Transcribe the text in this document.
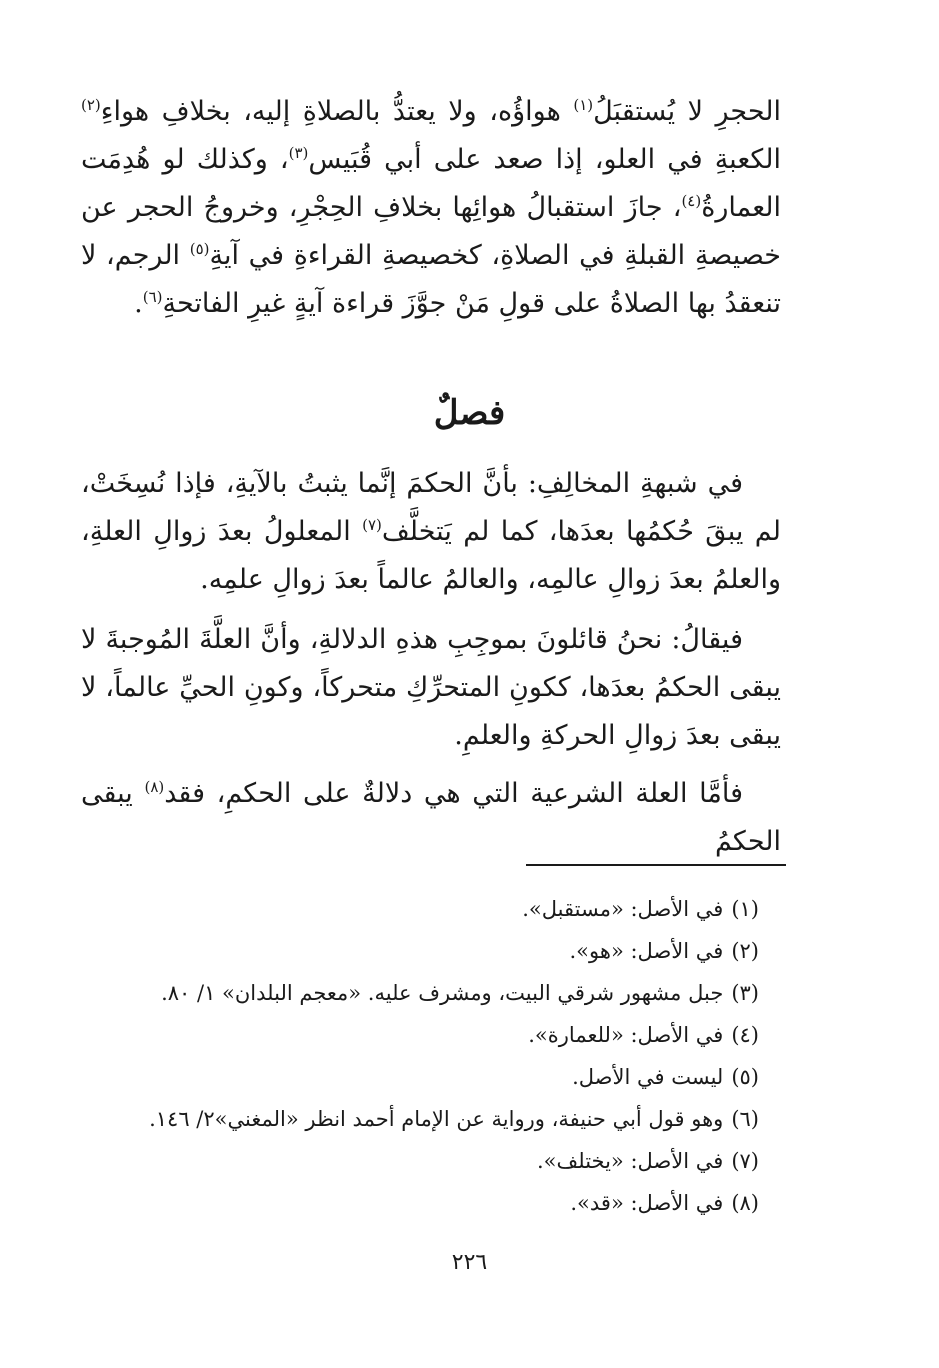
الحجرِ لا يُستقبَلُ$^{(١)}$ هواؤُه، ولا يعتدُّ بالصلاةِ إليه، بخلافِ هواءِ$^{(٢)}$ الكعبةِ في العلو، إذا صعد على أبي قُبَيس$^{(٣)}$، وكذلك لو هُدِمَت العمارةُ$^{(٤)}$، جازَ استقبالُ هوائِها بخلافِ الحِجْرِ، وخروجُ الحجر عن خصيصةِ القبلةِ في الصلاةِ، كخصيصةِ القراءةِ في آيةِ$^{(٥)}$ الرجم، لا تنعقدُ بها الصلاةُ على قولِ مَنْ جوَّزَ قراءة آيةٍ غيرِ الفاتحةِ$^{(٦)}$.

فصلٌ

في شبهةِ المخالِفِ: بأنَّ الحكمَ إنَّما يثبتُ بالآيةِ، فإذا نُسِخَتْ، لم يبقَ حُكمُها بعدَها، كما لم يَتخلَّف$^{(٧)}$ المعلولُ بعدَ زوالِ العلةِ، والعلمُ بعدَ زوالِ عالمِه، والعالمُ عالماً بعدَ زوالِ علمِه.

فيقالُ: نحنُ قائلونَ بموجِبِ هذهِ الدلالةِ، وأنَّ العلَّةَ المُوجبةَ لا يبقى الحكمُ بعدَها، ككونِ المتحرِّكِ متحركاً، وكونِ الحيِّ عالماً، لا يبقى بعدَ زوالِ الحركةِ والعلمِ.

فأمَّا العلة الشرعية التي هي دلالةٌ على الحكمِ، فقد$^{(٨)}$ يبقى الحكمُ

(١)في الأصل: «مستقبل».
(٢)في الأصل: «هو».
(٣)جبل مشهور شرقي البيت، ومشرف عليه. «معجم البلدان» ١/ ٨٠.
(٤)في الأصل: «للعمارة».
(٥)ليست في الأصل.
(٦)وهو قول أبي حنيفة، ورواية عن الإمام أحمد انظر «المغني»٢/ ١٤٦.
(٧)في الأصل: «يختلف».
(٨)في الأصل: «قد».
٢٢٦
